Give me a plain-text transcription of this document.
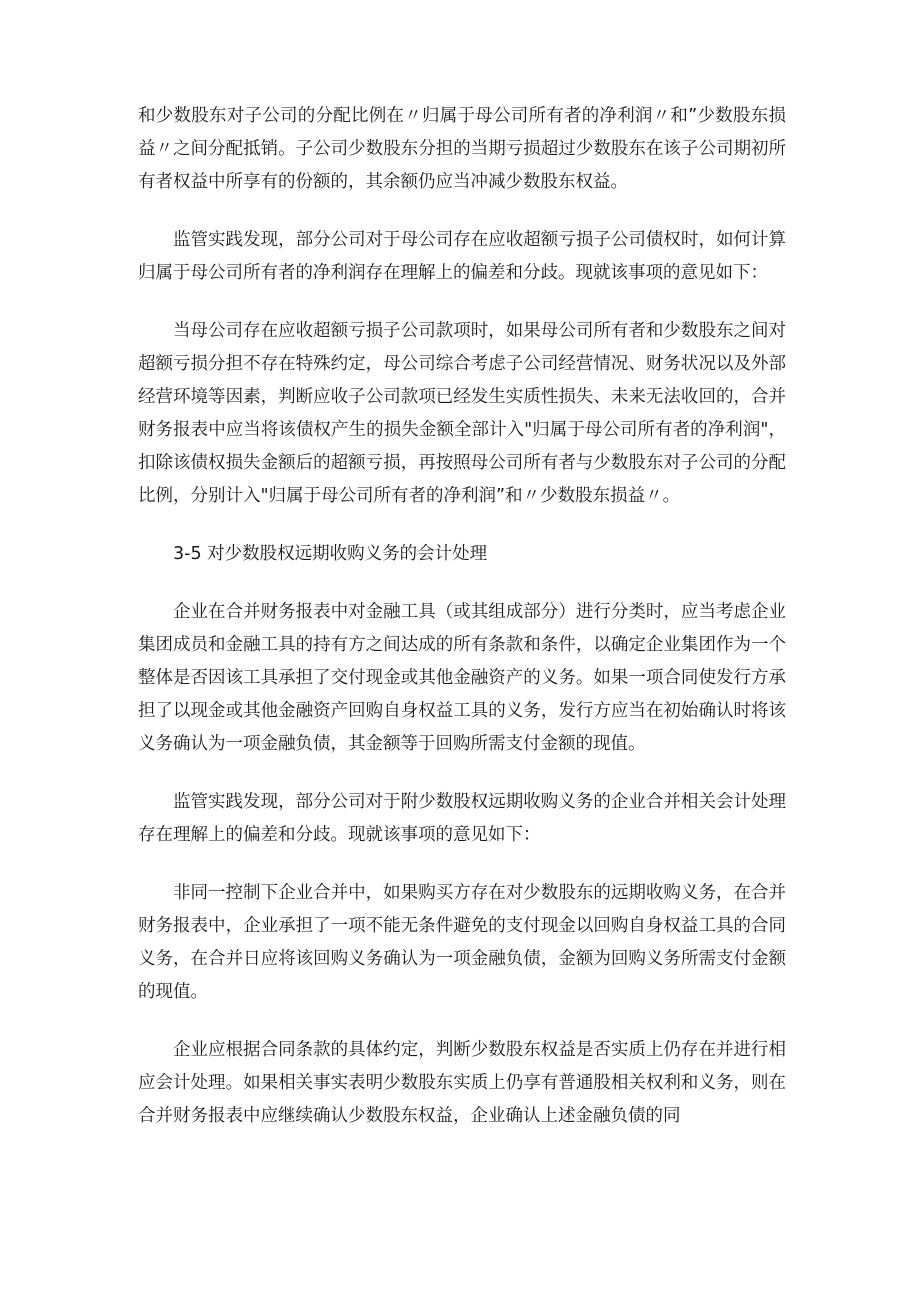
和少数股东对子公司的分配比例在〃归属于母公司所有者的净利润〃和”少数股东损益〃之间分配抵销。子公司少数股东分担的当期亏损超过少数股东在该子公司期初所有者权益中所享有的份额的，其余额仍应当冲减少数股东权益。

监管实践发现，部分公司对于母公司存在应收超额亏损子公司债权时，如何计算归属于母公司所有者的净利润存在理解上的偏差和分歧。现就该事项的意见如下：

当母公司存在应收超额亏损子公司款项时，如果母公司所有者和少数股东之间对超额亏损分担不存在特殊约定，母公司综合考虑子公司经营情况、财务状况以及外部经营环境等因素，判断应收子公司款项已经发生实质性损失、未来无法收回的，合并财务报表中应当将该债权产生的损失金额全部计入"归属于母公司所有者的净利润"，扣除该债权损失金额后的超额亏损，再按照母公司所有者与少数股东对子公司的分配比例，分别计入"归属于母公司所有者的净利润”和〃少数股东损益〃。

3-5 对少数股权远期收购义务的会计处理

企业在合并财务报表中对金融工具（或其组成部分）进行分类时，应当考虑企业集团成员和金融工具的持有方之间达成的所有条款和条件，以确定企业集团作为一个整体是否因该工具承担了交付现金或其他金融资产的义务。如果一项合同使发行方承担了以现金或其他金融资产回购自身权益工具的义务，发行方应当在初始确认时将该义务确认为一项金融负债，其金额等于回购所需支付金额的现值。

监管实践发现，部分公司对于附少数股权远期收购义务的企业合并相关会计处理存在理解上的偏差和分歧。现就该事项的意见如下：

非同一控制下企业合并中，如果购买方存在对少数股东的远期收购义务，在合并财务报表中，企业承担了一项不能无条件避免的支付现金以回购自身权益工具的合同义务，在合并日应将该回购义务确认为一项金融负债，金额为回购义务所需支付金额的现值。

企业应根据合同条款的具体约定，判断少数股东权益是否实质上仍存在并进行相应会计处理。如果相关事实表明少数股东实质上仍享有普通股相关权利和义务，则在合并财务报表中应继续确认少数股东权益，企业确认上述金融负债的同
